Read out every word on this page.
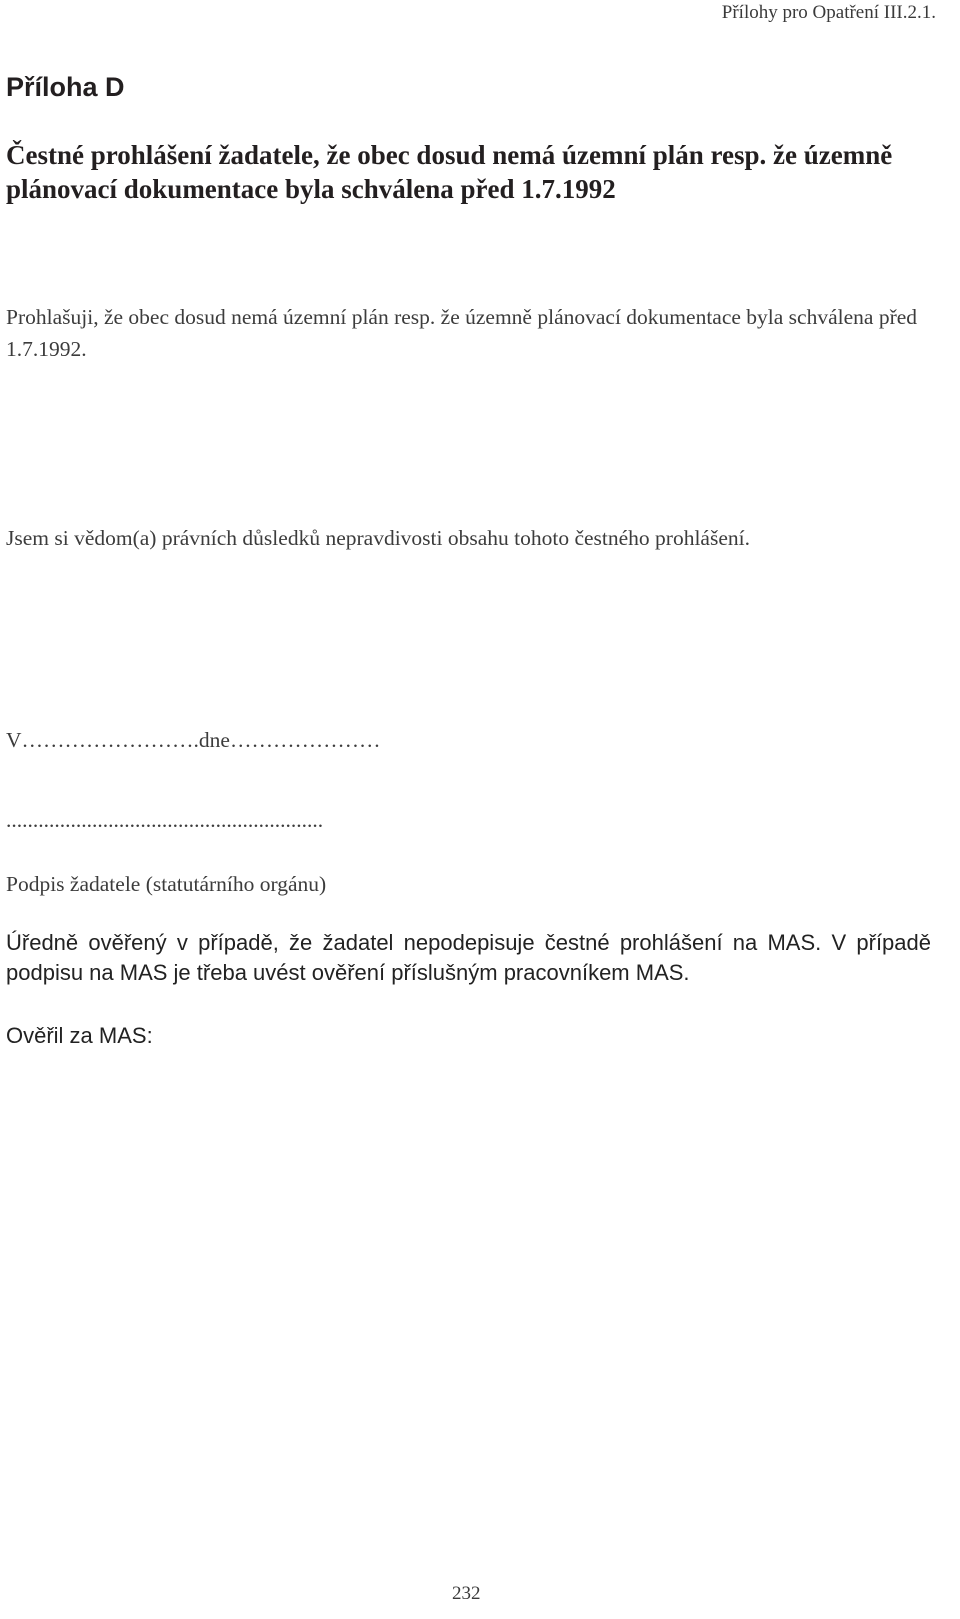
Přílohy pro Opatření III.2.1.
Příloha D
Čestné prohlášení žadatele, že obec dosud nemá územní plán resp. že územně plánovací dokumentace byla schválena před 1.7.1992
Prohlašuji, že obec dosud nemá územní plán resp. že územně plánovací dokumentace byla schválena před 1.7.1992.
Jsem si vědom(a) právních důsledků nepravdivosti obsahu tohoto čestného prohlášení.
V…………………….dne…………………
...........................................................
Podpis žadatele (statutárního orgánu)
Úředně ověřený v případě, že žadatel nepodepisuje čestné prohlášení na MAS. V případě podpisu na MAS je třeba uvést ověření příslušným pracovníkem MAS.
Ověřil za MAS:
232
